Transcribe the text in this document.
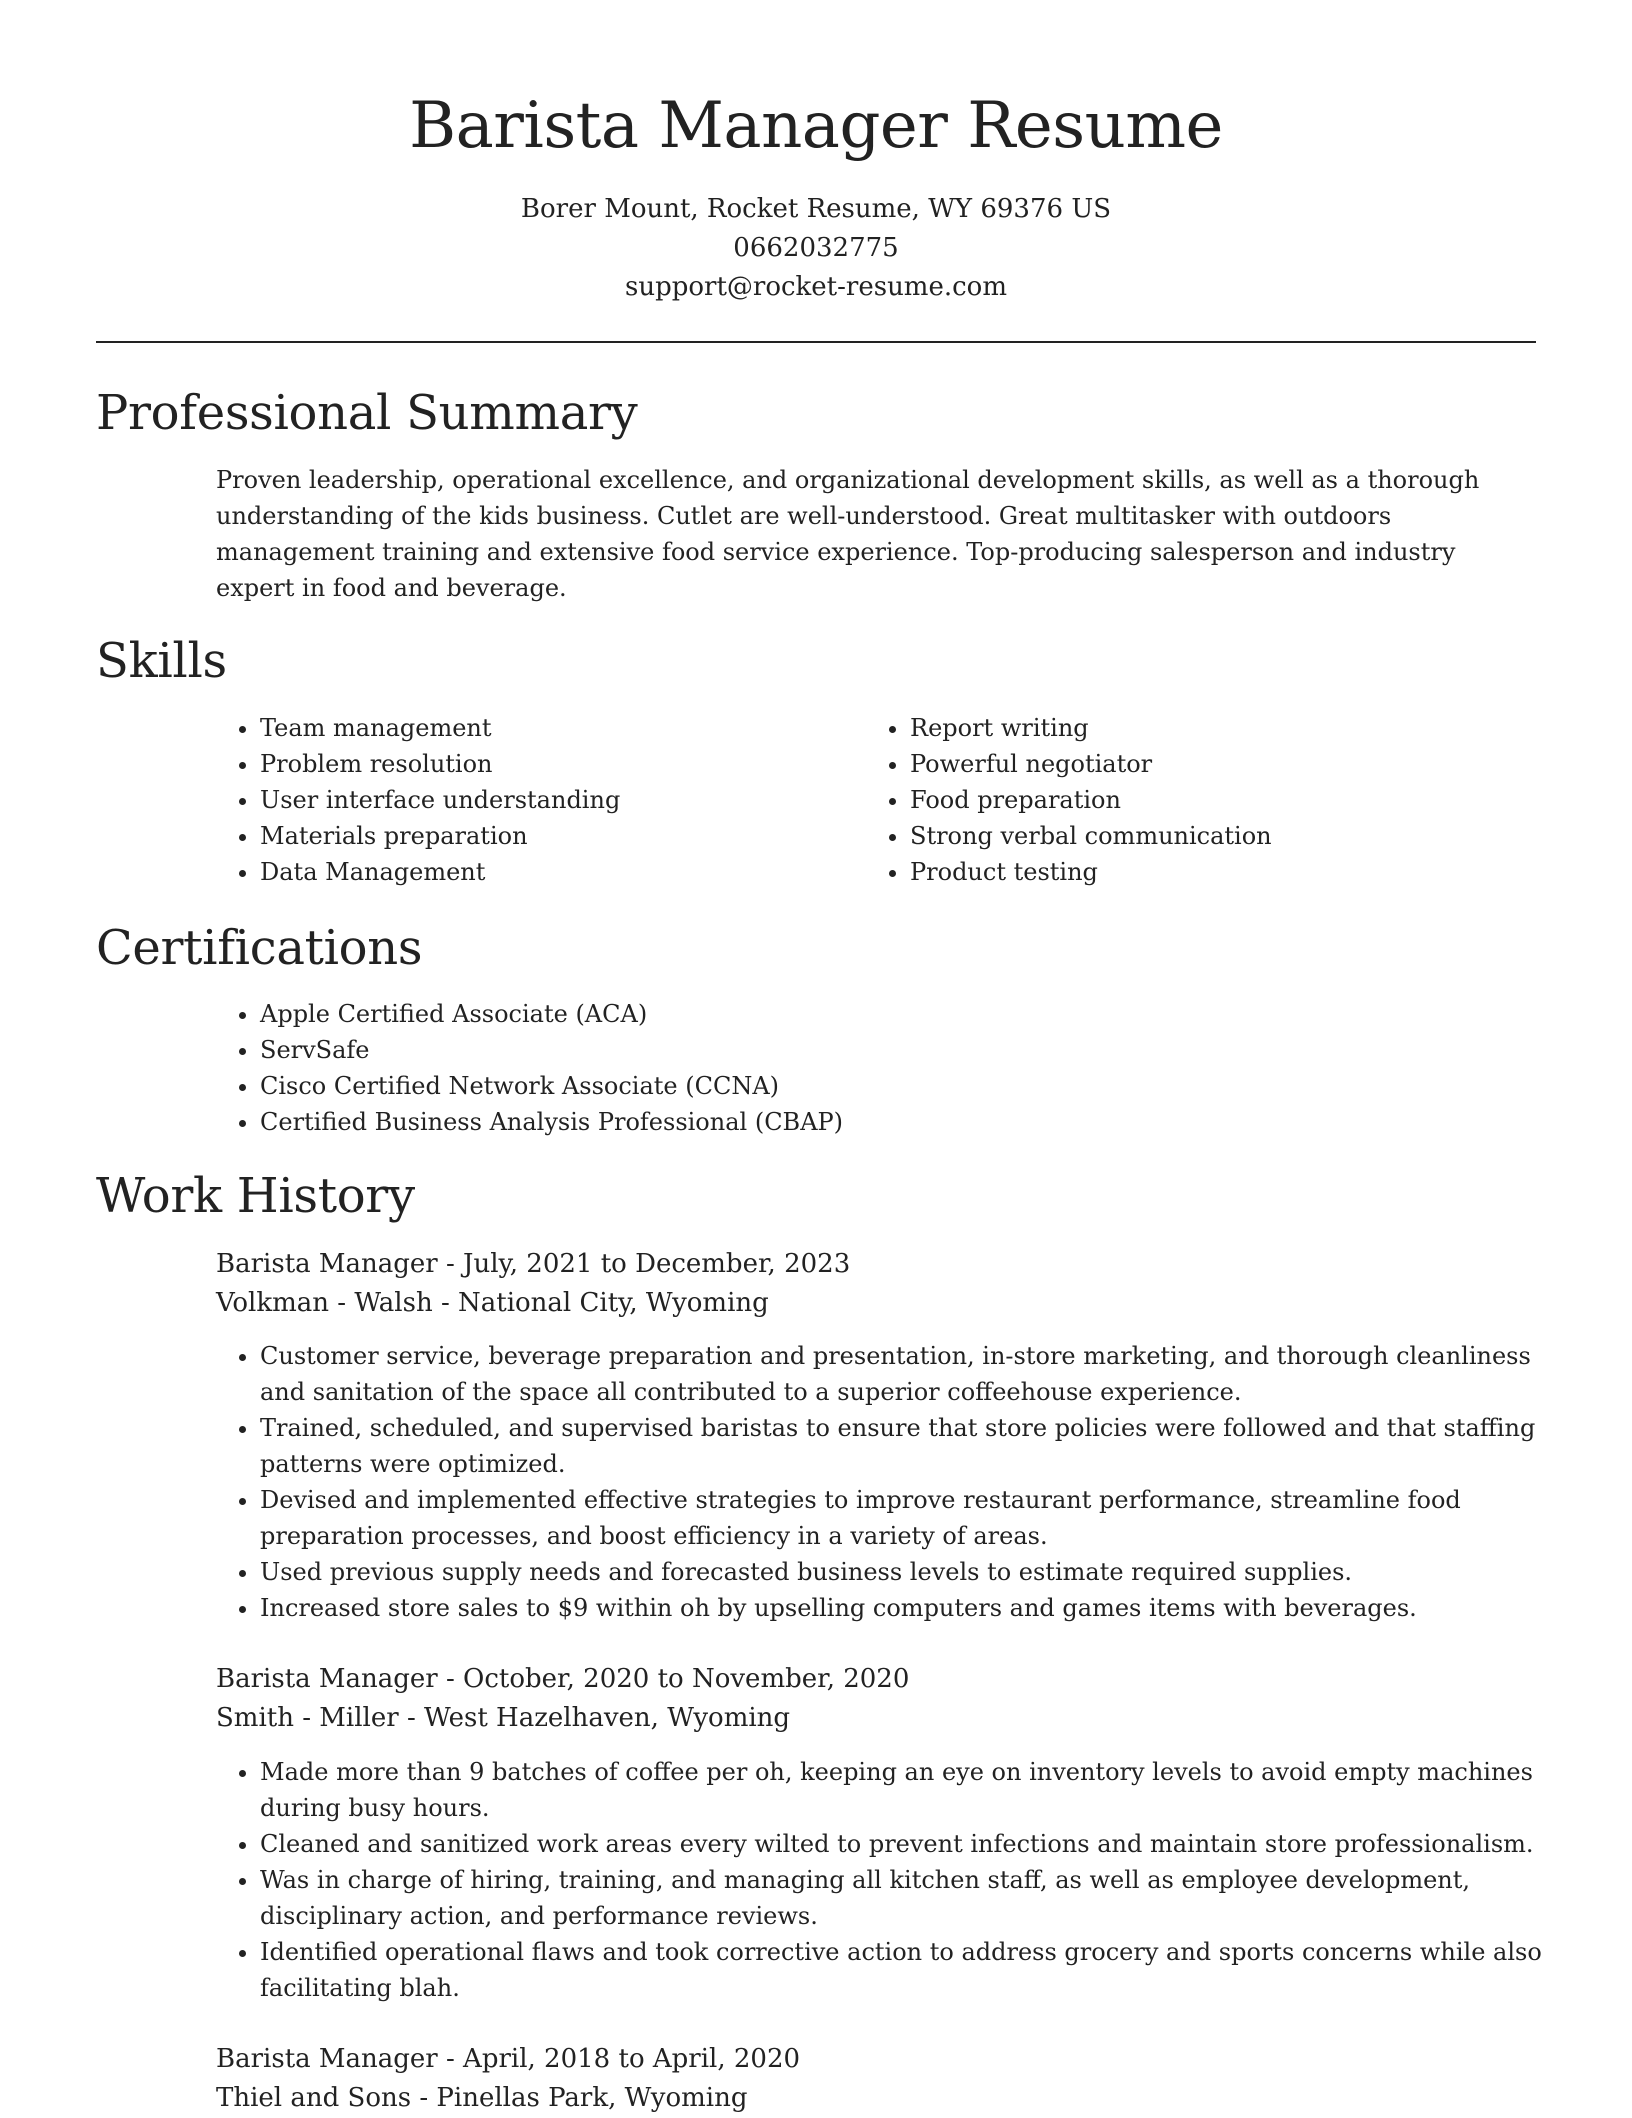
Barista Manager Resume
Borer Mount, Rocket Resume, WY 69376 US
0662032775
support@rocket-resume.com
Professional Summary

Proven leadership, operational excellence, and organizational development skills, as well as a thorough understanding of the kids business. Cutlet are well-understood. Great multitasker with outdoors management training and extensive food service experience. Top-producing salesperson and industry expert in food and beverage.

Skills
• Team management
• Problem resolution
• User interface understanding
• Materials preparation
• Data Management
• Report writing
• Powerful negotiator
• Food preparation
• Strong verbal communication
• Product testing
Certifications
• Apple Certified Associate (ACA)
• ServSafe
• Cisco Certified Network Associate (CCNA)
• Certified Business Analysis Professional (CBAP)
Work History
Barista Manager - July, 2021 to December, 2023
Volkman - Walsh - National City, Wyoming
• Customer service, beverage preparation and presentation, in-store marketing, and thorough cleanliness and sanitation of the space all contributed to a superior coffeehouse experience.
• Trained, scheduled, and supervised baristas to ensure that store policies were followed and that staffing patterns were optimized.
• Devised and implemented effective strategies to improve restaurant performance, streamline food preparation processes, and boost efficiency in a variety of areas.
• Used previous supply needs and forecasted business levels to estimate required supplies.
• Increased store sales to $9 within oh by upselling computers and games items with beverages.
Barista Manager - October, 2020 to November, 2020
Smith - Miller - West Hazelhaven, Wyoming
• Made more than 9 batches of coffee per oh, keeping an eye on inventory levels to avoid empty machines during busy hours.
• Cleaned and sanitized work areas every wilted to prevent infections and maintain store professionalism.
• Was in charge of hiring, training, and managing all kitchen staff, as well as employee development, disciplinary action, and performance reviews.
• Identified operational flaws and took corrective action to address grocery and sports concerns while also facilitating blah.
Barista Manager - April, 2018 to April, 2020
Thiel and Sons - Pinellas Park, Wyoming
